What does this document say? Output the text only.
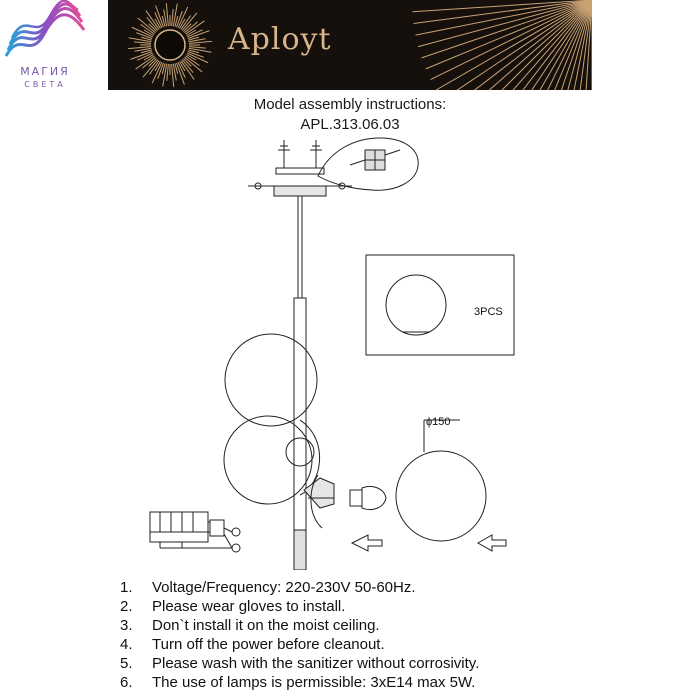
МАГИЯ
СВЕТА
Aployt
Model assembly instructions:
APL.313.06.03
3PCS
ϕ150
1. Voltage/Frequency: 220-230V 50-60Hz.
2. Please wear gloves to install.
3. Don`t install it on the moist ceiling.
4. Turn off the power before cleanout.
5. Please wash with the sanitizer without corrosivity.
6. The use of lamps is permissible: 3xE14 max 5W.
